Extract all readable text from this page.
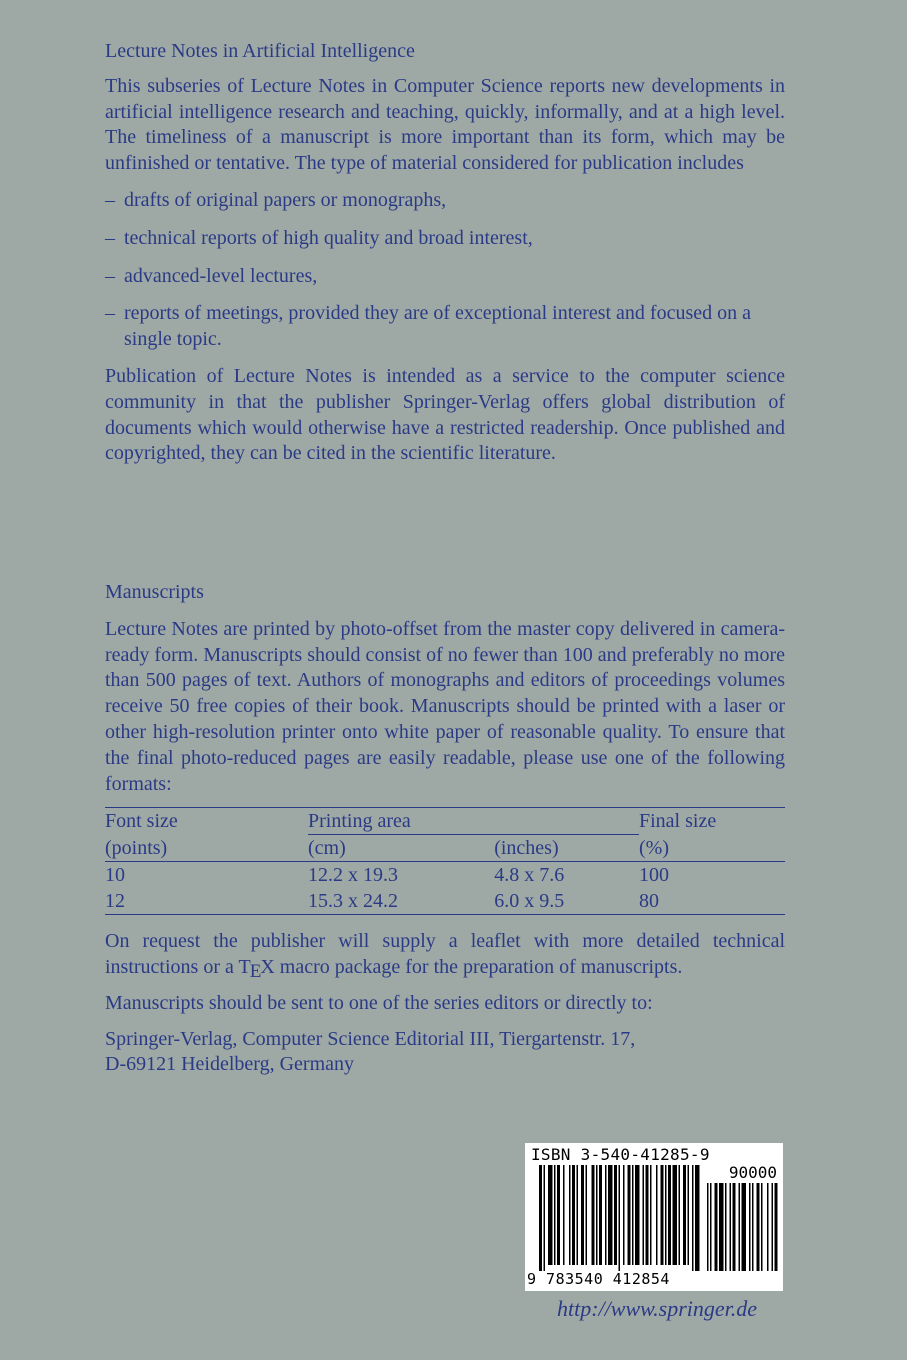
Lecture Notes in Artificial Intelligence

This subseries of Lecture Notes in Computer Science reports new developments in artificial intelligence research and teaching, quickly, informally, and at a high level. The timeliness of a manuscript is more important than its form, which may be unfinished or tentative. The type of material considered for publication includes

– drafts of original papers or monographs,
– technical reports of high quality and broad interest,
– advanced-level lectures,
– reports of meetings, provided they are of exceptional interest and focused on a single topic.

Publication of Lecture Notes is intended as a service to the computer science community in that the publisher Springer-Verlag offers global distribution of documents which would otherwise have a restricted readership. Once published and copyrighted, they can be cited in the scientific literature.

Manuscripts

Lecture Notes are printed by photo-offset from the master copy delivered in camera-ready form. Manuscripts should consist of no fewer than 100 and preferably no more than 500 pages of text. Authors of monographs and editors of proceedings volumes receive 50 free copies of their book. Manuscripts should be printed with a laser or other high-resolution printer onto white paper of reasonable quality. To ensure that the final photo-reduced pages are easily readable, please use one of the following formats:

Font size	Printing area		Final size
(points)	(cm)	(inches)	(%)
10	12.2 x 19.3	4.8 x 7.6	100
12	15.3 x 24.2	6.0 x 9.5	80

On request the publisher will supply a leaflet with more detailed technical instructions or a TEX macro package for the preparation of manuscripts.

Manuscripts should be sent to one of the series editors or directly to:

Springer-Verlag, Computer Science Editorial III, Tiergartenstr. 17,

D-69121 Heidelberg, Germany

ISBN 3-540-41285-9
90000
9 783540 412854
http://www.springer.de
